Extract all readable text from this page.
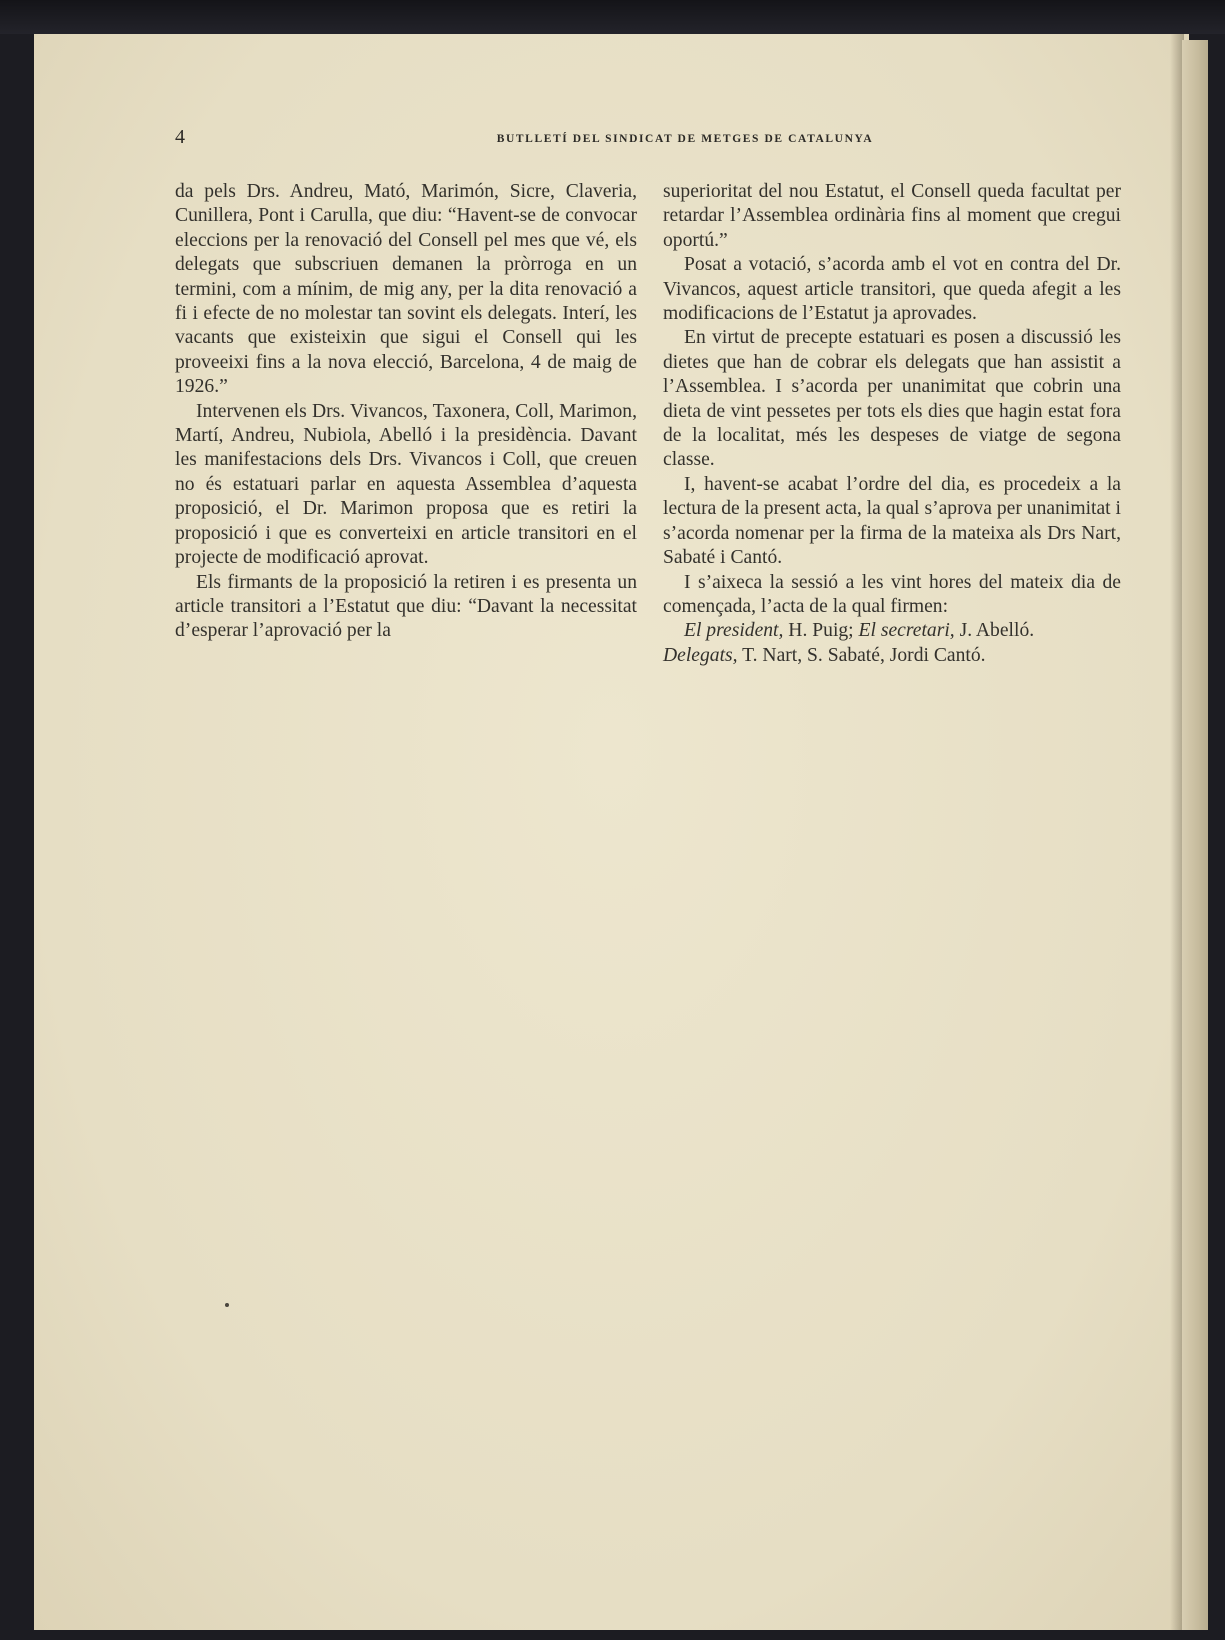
4	BUTLLETÍ DEL SINDICAT DE METGES DE CATALUNYA

da pels Drs. Andreu, Mató, Marimón, Sicre, Claveria, Cunillera, Pont i Carulla, que diu: “Havent-se de convocar eleccions per la renovació del Consell pel mes que vé, els delegats que subscriuen demanen la pròrroga en un termini, com a mínim, de mig any, per la dita renovació a fi i efecte de no molestar tan sovint els delegats. Interí, les vacants que existeixin que sigui el Consell qui les proveeixi fins a la nova elecció, Barcelona, 4 de maig de 1926.”

Intervenen els Drs. Vivancos, Taxonera, Coll, Marimon, Martí, Andreu, Nubiola, Abelló i la presidència. Davant les manifestacions dels Drs. Vivancos i Coll, que creuen no és estatuari parlar en aquesta Assemblea d’aquesta proposició, el Dr. Marimon proposa que es retiri la proposició i que es converteixi en article transitori en el projecte de modificació aprovat.

Els firmants de la proposició la retiren i es presenta un article transitori a l’Estatut que diu: “Davant la necessitat d’esperar l’aprovació per la

superioritat del nou Estatut, el Consell queda facultat per retardar l’Assemblea ordinària fins al moment que cregui oportú.”

Posat a votació, s’acorda amb el vot en contra del Dr. Vivancos, aquest article transitori, que queda afegit a les modificacions de l’Estatut ja aprovades.

En virtut de precepte estatuari es posen a discussió les dietes que han de cobrar els delegats que han assistit a l’Assemblea. I s’acorda per unanimitat que cobrin una dieta de vint pessetes per tots els dies que hagin estat fora de la localitat, més les despeses de viatge de segona classe.

I, havent-se acabat l’ordre del dia, es procedeix a la lectura de la present acta, la qual s’aprova per unanimitat i s’acorda nomenar per la firma de la mateixa als Drs Nart, Sabaté i Cantó.

I s’aixeca la sessió a les vint hores del mateix dia de començada, l’acta de la qual firmen:

El president, H. Puig; El secretari, J. Abelló.

Delegats, T. Nart, S. Sabaté, Jordi Cantó.
